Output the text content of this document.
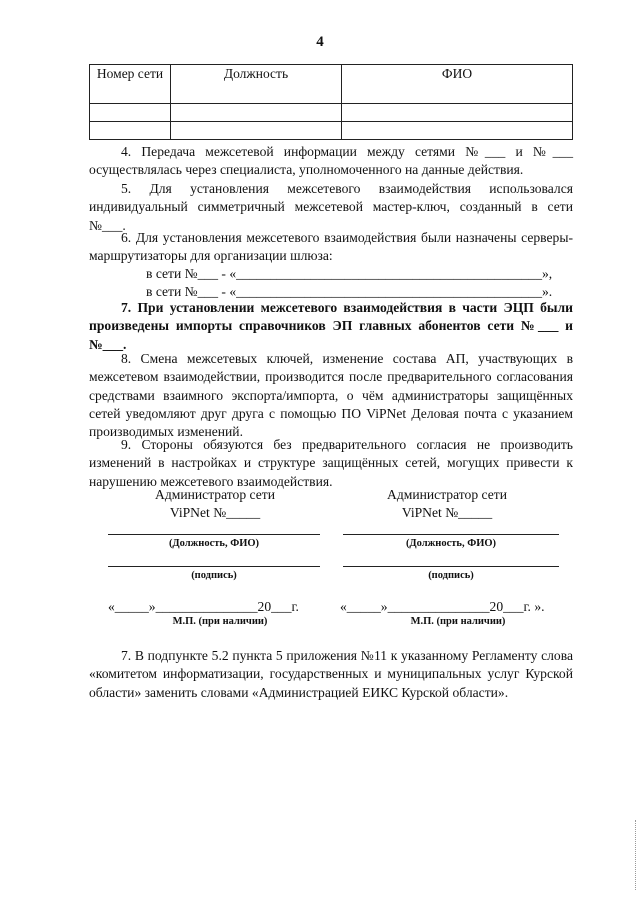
4
Номер сети	Должность	ФИО

4. Передача межсетевой информации между сетями №___ и №___ осуществлялась через специалиста, уполномоченного на данные действия.

5. Для установления межсетевого взаимодействия использовался индивидуальный симметричный межсетевой мастер-ключ, созданный в сети №___.

6. Для установления межсетевого взаимодействия были назначены серверы-маршрутизаторы для организации шлюза:

в сети №___ - «_____________________________________________»,

в сети №___ - «_____________________________________________».

7. При установлении межсетевого взаимодействия в части ЭЦП были произведены импорты справочников ЭП главных абонентов сети №___ и №___.

8. Смена межсетевых ключей, изменение состава АП, участвующих в межсетевом взаимодействии, производится после предварительного согласования средствами взаимного экспорта/импорта, о чём администраторы защищённых сетей уведомляют друг друга с помощью ПО ViPNet Деловая почта с указанием производимых изменений.

9. Стороны обязуются без предварительного согласия не производить изменений в настройках и структуре защищённых сетей, могущих привести к нарушению межсетевого взаимодействия.

Администратор сети
ViPNet №_____
Администратор сети
ViPNet №_____
(Должность, ФИО)	(Должность, ФИО)
(подпись)	(подпись)
«_____»_______________20___г.	«_____»_______________20___г. ».
М.П. (при наличии)	М.П. (при наличии)

7. В подпункте 5.2 пункта 5 приложения №11 к указанному Регламенту слова «комитетом информатизации, государственных и муниципальных услуг Курской области» заменить словами «Администрацией ЕИКС Курской области».
